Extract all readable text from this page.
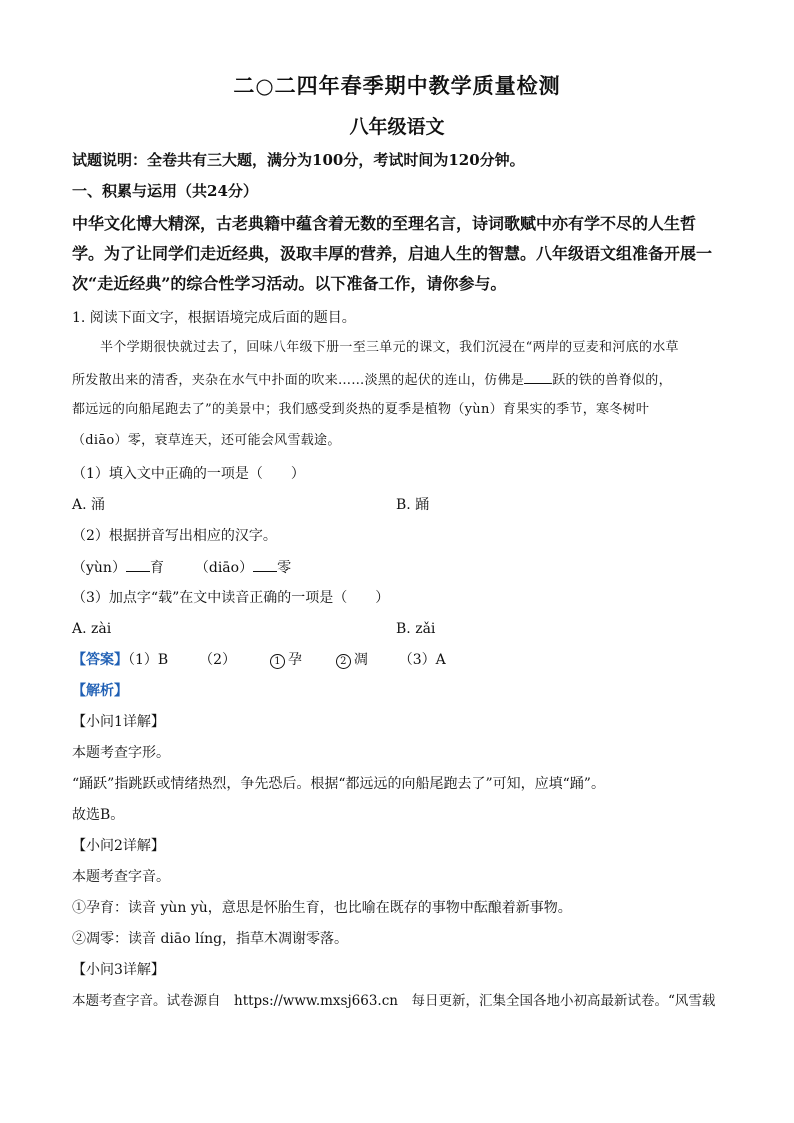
二○二四年春季期中教学质量检测
八年级语文
试题说明：全卷共有三大题，满分为100分，考试时间为120分钟。
一、积累与运用（共24分）
中华文化博大精深，古老典籍中蕴含着无数的至理名言，诗词歌赋中亦有学不尽的人生哲
学。为了让同学们走近经典，汲取丰厚的营养，启迪人生的智慧。八年级语文组准备开展一
次“走近经典”的综合性学习活动。以下准备工作，请你参与。
1. 阅读下面文字，根据语境完成后面的题目。
半个学期很快就过去了，回味八年级下册一至三单元的课文，我们沉浸在“两岸的豆麦和河底的水草
所发散出来的清香，夹杂在水气中扑面的吹来……淡黑的起伏的连山，仿佛是 跃的铁的兽脊似的，
都远远的向船尾跑去了”的美景中；我们感受到炎热的夏季是植物（yùn）育果实的季节，寒冬树叶
（diāo）零，衰草连天，还可能会风雪载途。
（1）填入文中正确的一项是（　　）
A. 涌	B. 踊
（2）根据拼音写出相应的汉字。
（yùn） 育 （diāo） 零
（3）加点字“载”在文中读音正确的一项是（　　）
A. zài	B. zǎi
【答案】（1）B （2）	1 孕	2 凋 （3）A
【解析】
【小问1详解】
本题考查字形。
“踊跃”指跳跃或情绪热烈，争先恐后。根据“都远远的向船尾跑去了”可知，应填“踊”。
故选B。
【小问2详解】
本题考查字音。
①孕育：读音 yùn yù，意思是怀胎生育，也比喻在既存的事物中酝酿着新事物。
②凋零：读音 diāo líng，指草木凋谢零落。
【小问3详解】
本题考查字音。试卷源自　https://www.mxsj663.cn　每日更新，汇集全国各地小初高最新试卷。“风雪载
